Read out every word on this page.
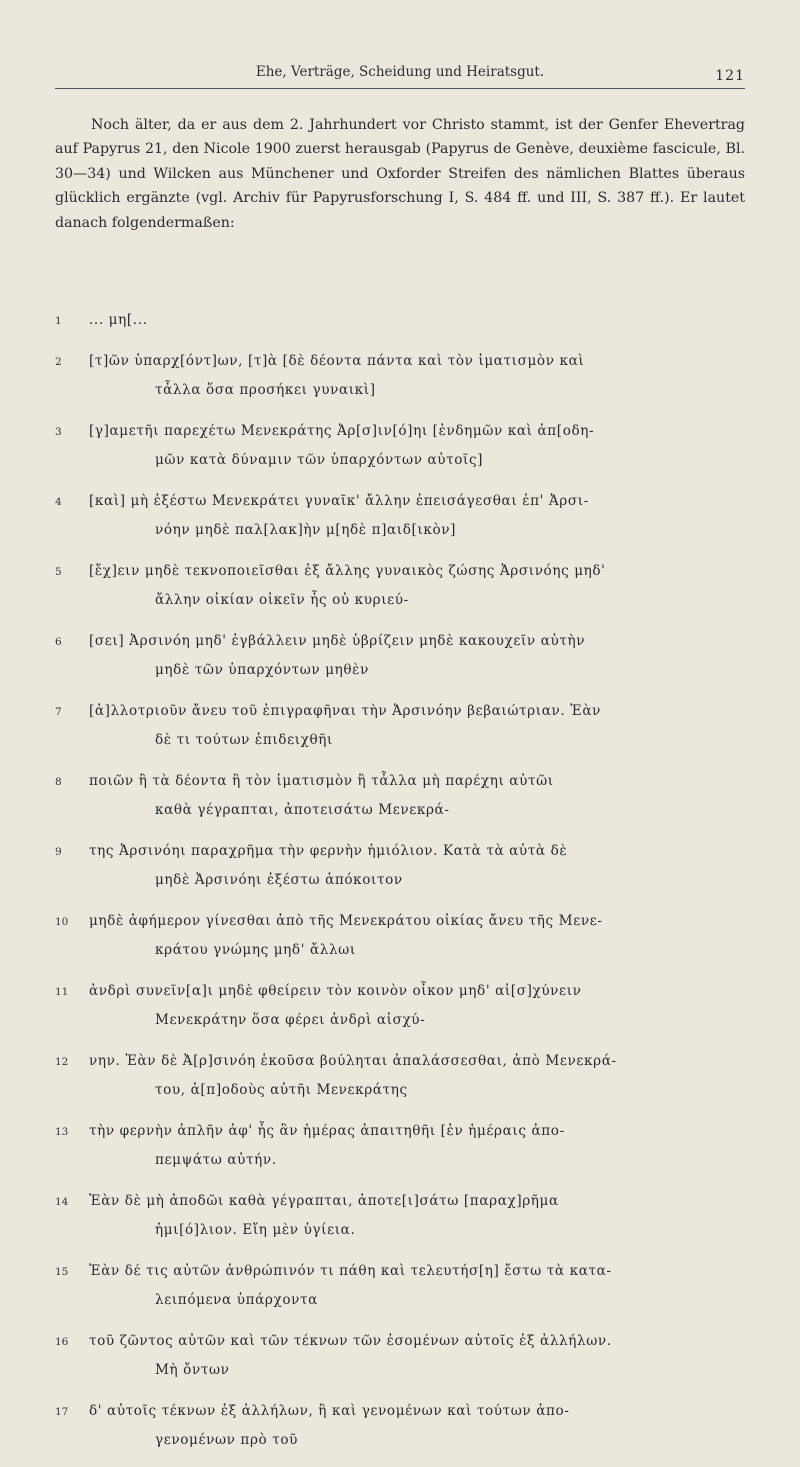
Ehe, Verträge, Scheidung und Heiratsgut.	121

Noch älter, da er aus dem 2. Jahrhundert vor Christo stammt, ist der Genfer Ehevertrag auf Papyrus 21, den Nicole 1900 zuerst herausgab (Papyrus de Genève, deuxième fascicule, Bl. 30—34) und Wilcken aus Münchener und Oxforder Streifen des nämlichen Blattes überaus glücklich ergänzte (vgl. Archiv für Papyrusforschung I, S. 484 ff. und III, S. 387 ff.). Er lautet danach folgendermaßen:

1 ... μη[...
2 [τ]ῶν ὑπαρχ[όντ]ων, [τ]ὰ [δὲ δέοντα πάντα καὶ τὸν ἱματισμὸν καὶ
τἆλλα ὅσα προσήκει γυναικὶ]
3 [γ]αμετῆι παρεχέτω Μενεκράτης Ἀρ[σ]ιν[ό]ηι [ἐνδημῶν καὶ ἀπ[οδη-
μῶν κατὰ δύναμιν τῶν ὑπαρχόντων αὐτοῖς]
4 [καὶ] μὴ ἐξέστω Μενεκράτει γυναῖκ' ἄλλην ἐπεισάγεσθαι ἐπ' Ἀρσι-
νόην μηδὲ παλ[λακ]ὴν μ[ηδὲ π]αιδ[ικὸν]
5 [ἔχ]ειν μηδὲ τεκνοποιεῖσθαι ἐξ ἄλλης γυναικὸς ζώσης Ἀρσινόης μηδ'
ἄλλην οἰκίαν οἰκεῖν ἧς οὐ κυριεύ-
6 [σει] Ἀρσινόη μηδ' ἐγβάλλειν μηδὲ ὑβρίζειν μηδὲ κακουχεῖν αὐτὴν
μηδὲ τῶν ὑπαρχόντων μηθὲν
7 [ἀ]λλοτριοῦν ἄνευ τοῦ ἐπιγραφῆναι τὴν Ἀρσινόην βεβαιώτριαν. Ἐὰν
δὲ τι τούτων ἐπιδειχθῆι
8 ποιῶν ἢ τὰ δέοντα ἢ τὸν ἱματισμὸν ἢ τἆλλα μὴ παρέχηι αὐτῶι
καθὰ γέγραπται, ἀποτεισάτω Μενεκρά-
9 της Ἀρσινόηι παραχρῆμα τὴν φερνὴν ἡμιόλιον. Κατὰ τὰ αὐτὰ δὲ
μηδὲ Ἀρσινόηι ἐξέστω ἀπόκοιτον
10 μηδὲ ἀφήμερον γίνεσθαι ἀπὸ τῆς Μενεκράτου οἰκίας ἄνευ τῆς Μενε-
κράτου γνώμης μηδ' ἄλλωι
11 ἀνδρὶ συνεῖν[α]ι μηδὲ φθείρειν τὸν κοινὸν οἶκον μηδ' αἰ[σ]χύνειν
Μενεκράτην ὅσα φέρει ἀνδρὶ αἰσχύ-
12 νην. Ἐὰν δὲ Ἀ[ρ]σινόη ἑκοῦσα βούληται ἀπαλάσσεσθαι, ἀπὸ Μενεκρά-
του, ἀ[π]οδοὺς αὐτῆι Μενεκράτης
13 τὴν φερνὴν ἁπλῆν ἀφ' ἧς ἂν ἡμέρας ἀπαιτηθῆι [ἐν ἡμέραις ἀπο-
πεμψάτω αὐτήν.
14 Ἐὰν δὲ μὴ ἀποδῶι καθὰ γέγραπται, ἀποτε[ι]σάτω [παραχ]ρῆμα
ἡμι[ό]λιον. Εἴη μὲν ὑγίεια.
15 Ἐὰν δέ τις αὐτῶν ἀνθρώπινόν τι πάθη καὶ τελευτήσ[η] ἔστω τὰ κατα-
λειπόμενα ὑπάρχοντα
16 τοῦ ζῶντος αὐτῶν καὶ τῶν τέκνων τῶν ἐσομένων αὐτοῖς ἐξ ἀλλήλων.
Μὴ ὄντων
17 δ' αὐτοῖς τέκνων ἐξ ἀλλήλων, ἢ καὶ γενομένων καὶ τούτων ἀπο-
γενομένων πρὸ τοῦ
